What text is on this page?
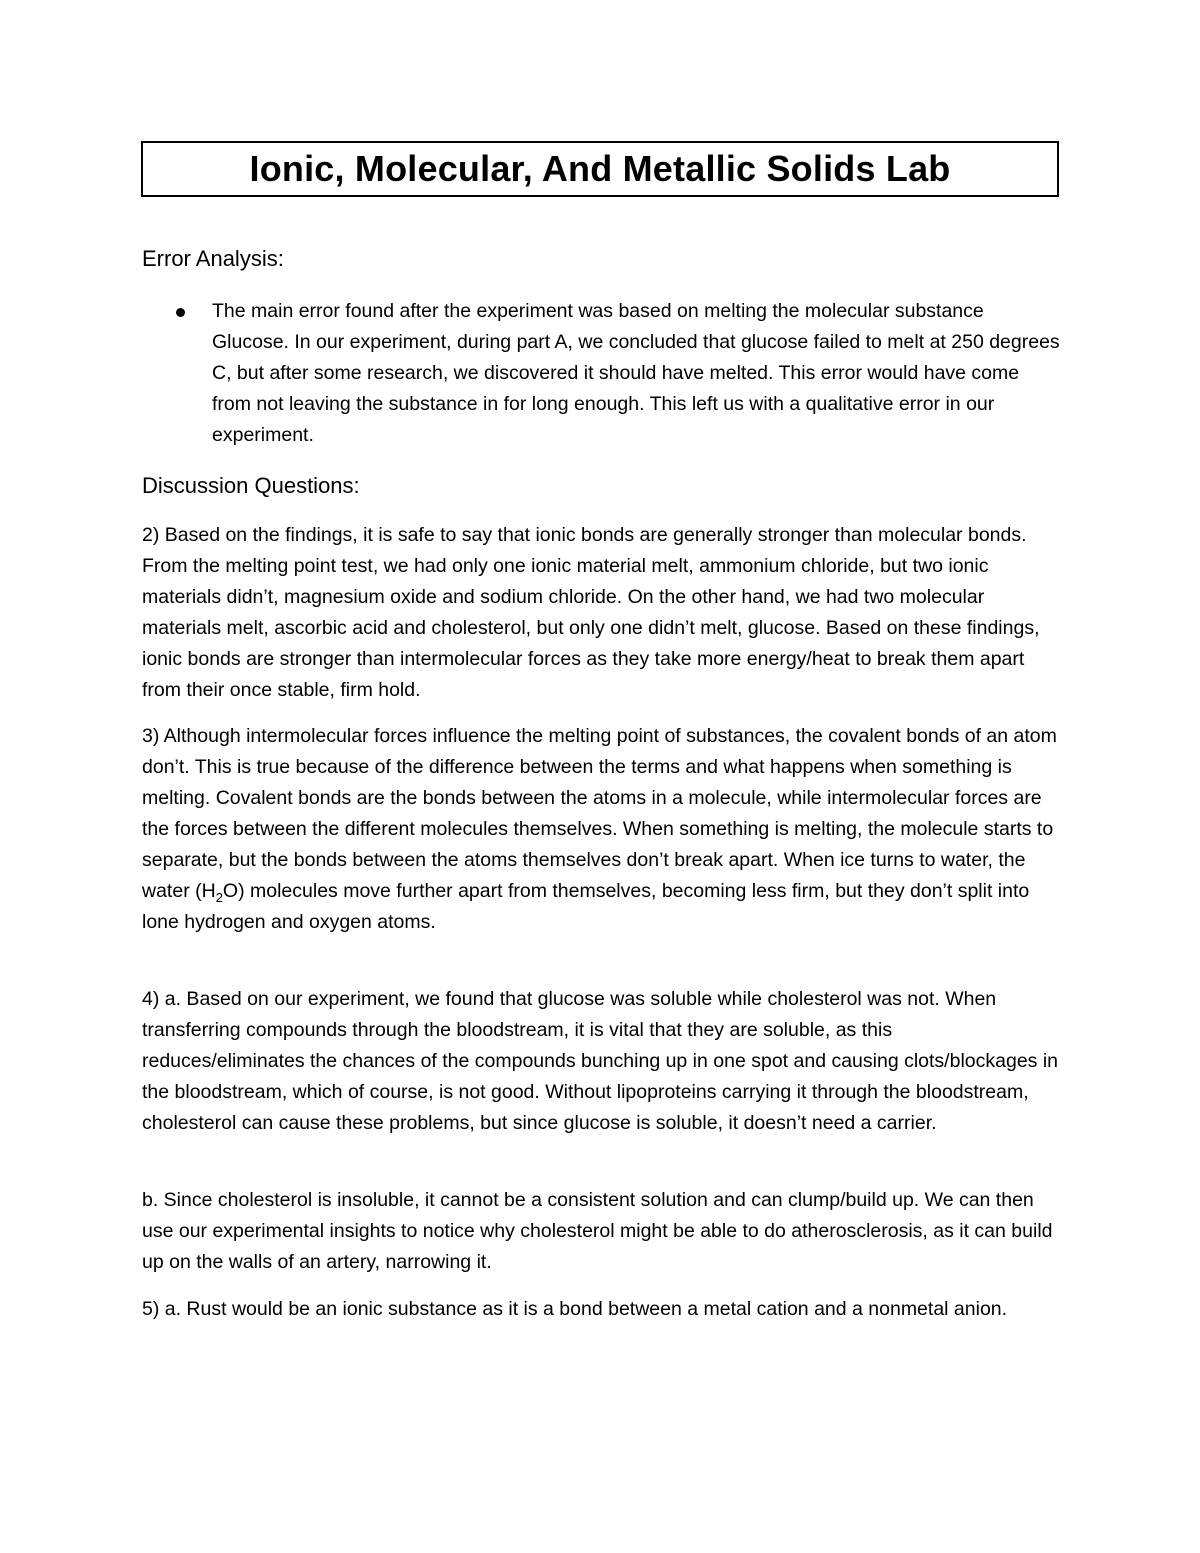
Ionic, Molecular, And Metallic Solids Lab
Error Analysis:
The main error found after the experiment was based on melting the molecular substance Glucose. In our experiment, during part A, we concluded that glucose failed to melt at 250 degrees C, but after some research, we discovered it should have melted. This error would have come from not leaving the substance in for long enough. This left us with a qualitative error in our experiment.
Discussion Questions:

2) Based on the findings, it is safe to say that ionic bonds are generally stronger than molecular bonds. From the melting point test, we had only one ionic material melt, ammonium chloride, but two ionic materials didn’t, magnesium oxide and sodium chloride. On the other hand, we had two molecular materials melt, ascorbic acid and cholesterol, but only one didn’t melt, glucose. Based on these findings, ionic bonds are stronger than intermolecular forces as they take more energy/heat to break them apart from their once stable, firm hold.

3) Although intermolecular forces influence the melting point of substances, the covalent bonds of an atom don’t. This is true because of the difference between the terms and what happens when something is melting. Covalent bonds are the bonds between the atoms in a molecule, while intermolecular forces are the forces between the different molecules themselves. When something is melting, the molecule starts to separate, but the bonds between the atoms themselves don’t break apart. When ice turns to water, the water $(H_2O)$ molecules move further apart from themselves, becoming less firm, but they don’t split into lone hydrogen and oxygen atoms.

4) a. Based on our experiment, we found that glucose was soluble while cholesterol was not. When transferring compounds through the bloodstream, it is vital that they are soluble, as this reduces/eliminates the chances of the compounds bunching up in one spot and causing clots/blockages in the bloodstream, which of course, is not good. Without lipoproteins carrying it through the bloodstream, cholesterol can cause these problems, but since glucose is soluble, it doesn’t need a carrier.

b. Since cholesterol is insoluble, it cannot be a consistent solution and can clump/build up. We can then use our experimental insights to notice why cholesterol might be able to do atherosclerosis, as it can build up on the walls of an artery, narrowing it.

5) a. Rust would be an ionic substance as it is a bond between a metal cation and a nonmetal anion.
